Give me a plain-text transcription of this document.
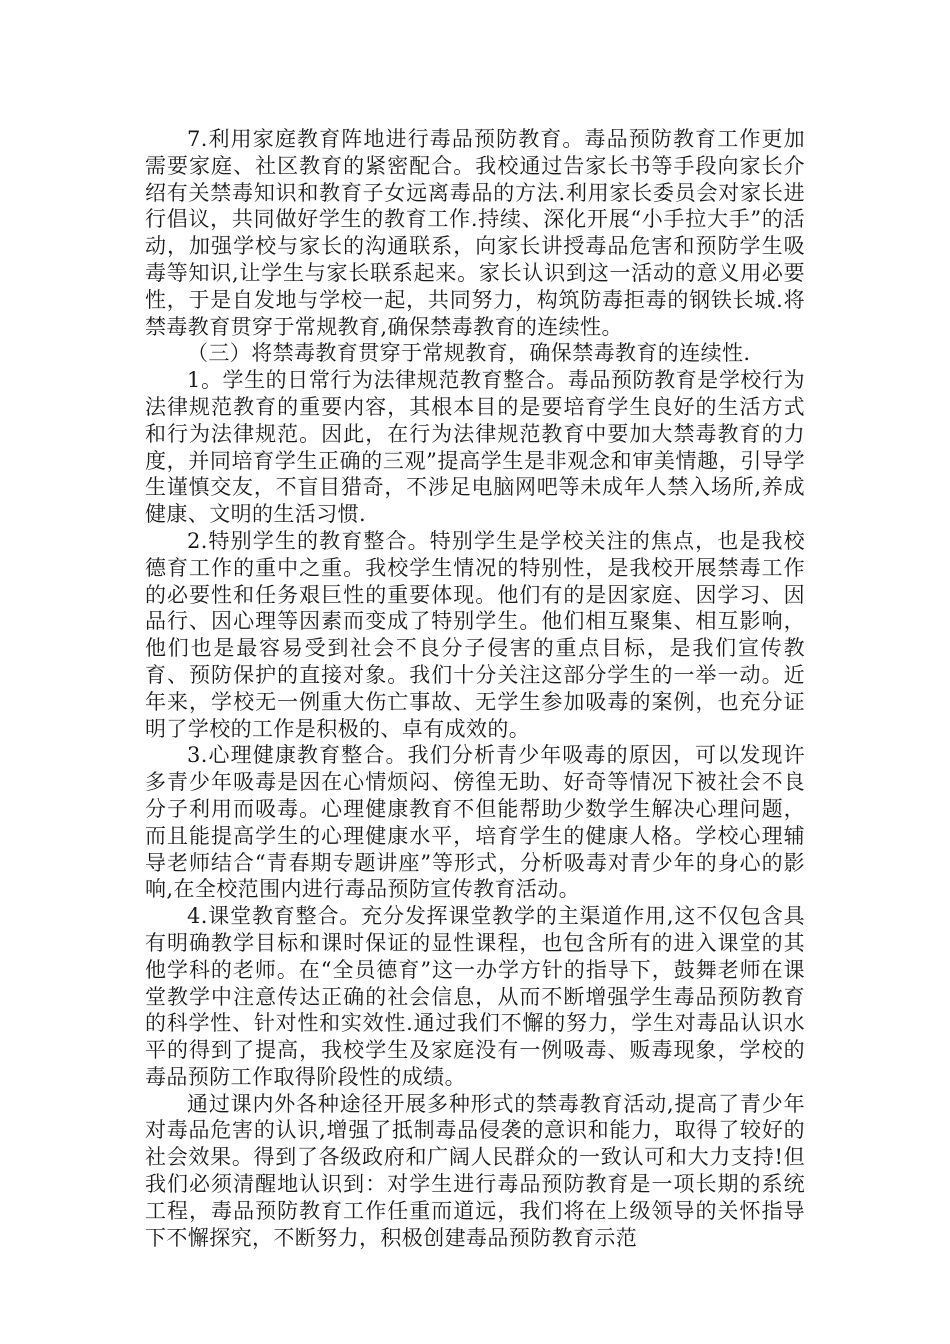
7.利用家庭教育阵地进行毒品预防教育。毒品预防教育工作更加需要家庭、社区教育的紧密配合。我校通过告家长书等手段向家长介绍有关禁毒知识和教育子女远离毒品的方法.利用家长委员会对家长进行倡议，共同做好学生的教育工作.持续、深化开展“小手拉大手”的活动，加强学校与家长的沟通联系，向家长讲授毒品危害和预防学生吸毒等知识,让学生与家长联系起来。家长认识到这一活动的意义用必要性，于是自发地与学校一起，共同努力，构筑防毒拒毒的钢铁长城.将禁毒教育贯穿于常规教育,确保禁毒教育的连续性。

（三）将禁毒教育贯穿于常规教育，确保禁毒教育的连续性.

1。学生的日常行为法律规范教育整合。毒品预防教育是学校行为法律规范教育的重要内容，其根本目的是要培育学生良好的生活方式和行为法律规范。因此，在行为法律规范教育中要加大禁毒教育的力度，并同培育学生正确的三观”提高学生是非观念和审美情趣，引导学生谨慎交友，不盲目猎奇，不涉足电脑网吧等未成年人禁入场所,养成健康、文明的生活习惯.

2.特别学生的教育整合。特别学生是学校关注的焦点，也是我校德育工作的重中之重。我校学生情况的特别性，是我校开展禁毒工作的必要性和任务艰巨性的重要体现。他们有的是因家庭、因学习、因品行、因心理等因素而变成了特别学生。他们相互聚集、相互影响，他们也是最容易受到社会不良分子侵害的重点目标，是我们宣传教育、预防保护的直接对象。我们十分关注这部分学生的一举一动。近年来，学校无一例重大伤亡事故、无学生参加吸毒的案例，也充分证明了学校的工作是积极的、卓有成效的。

3.心理健康教育整合。我们分析青少年吸毒的原因，可以发现许多青少年吸毒是因在心情烦闷、傍徨无助、好奇等情况下被社会不良分子利用而吸毒。心理健康教育不但能帮助少数学生解决心理问题，而且能提高学生的心理健康水平，培育学生的健康人格。学校心理辅导老师结合“青春期专题讲座”等形式，分析吸毒对青少年的身心的影响,在全校范围内进行毒品预防宣传教育活动。

4.课堂教育整合。充分发挥课堂教学的主渠道作用,这不仅包含具有明确教学目标和课时保证的显性课程，也包含所有的进入课堂的其他学科的老师。在“全员德育”这一办学方针的指导下，鼓舞老师在课堂教学中注意传达正确的社会信息，从而不断增强学生毒品预防教育的科学性、针对性和实效性.通过我们不懈的努力，学生对毒品认识水平的得到了提高，我校学生及家庭没有一例吸毒、贩毒现象，学校的毒品预防工作取得阶段性的成绩。

通过课内外各种途径开展多种形式的禁毒教育活动,提高了青少年对毒品危害的认识,增强了抵制毒品侵袭的意识和能力，取得了较好的社会效果。得到了各级政府和广阔人民群众的一致认可和大力支持!但我们必须清醒地认识到：对学生进行毒品预防教育是一项长期的系统工程，毒品预防教育工作任重而道远，我们将在上级领导的关怀指导下不懈探究，不断努力，积极创建毒品预防教育示范
